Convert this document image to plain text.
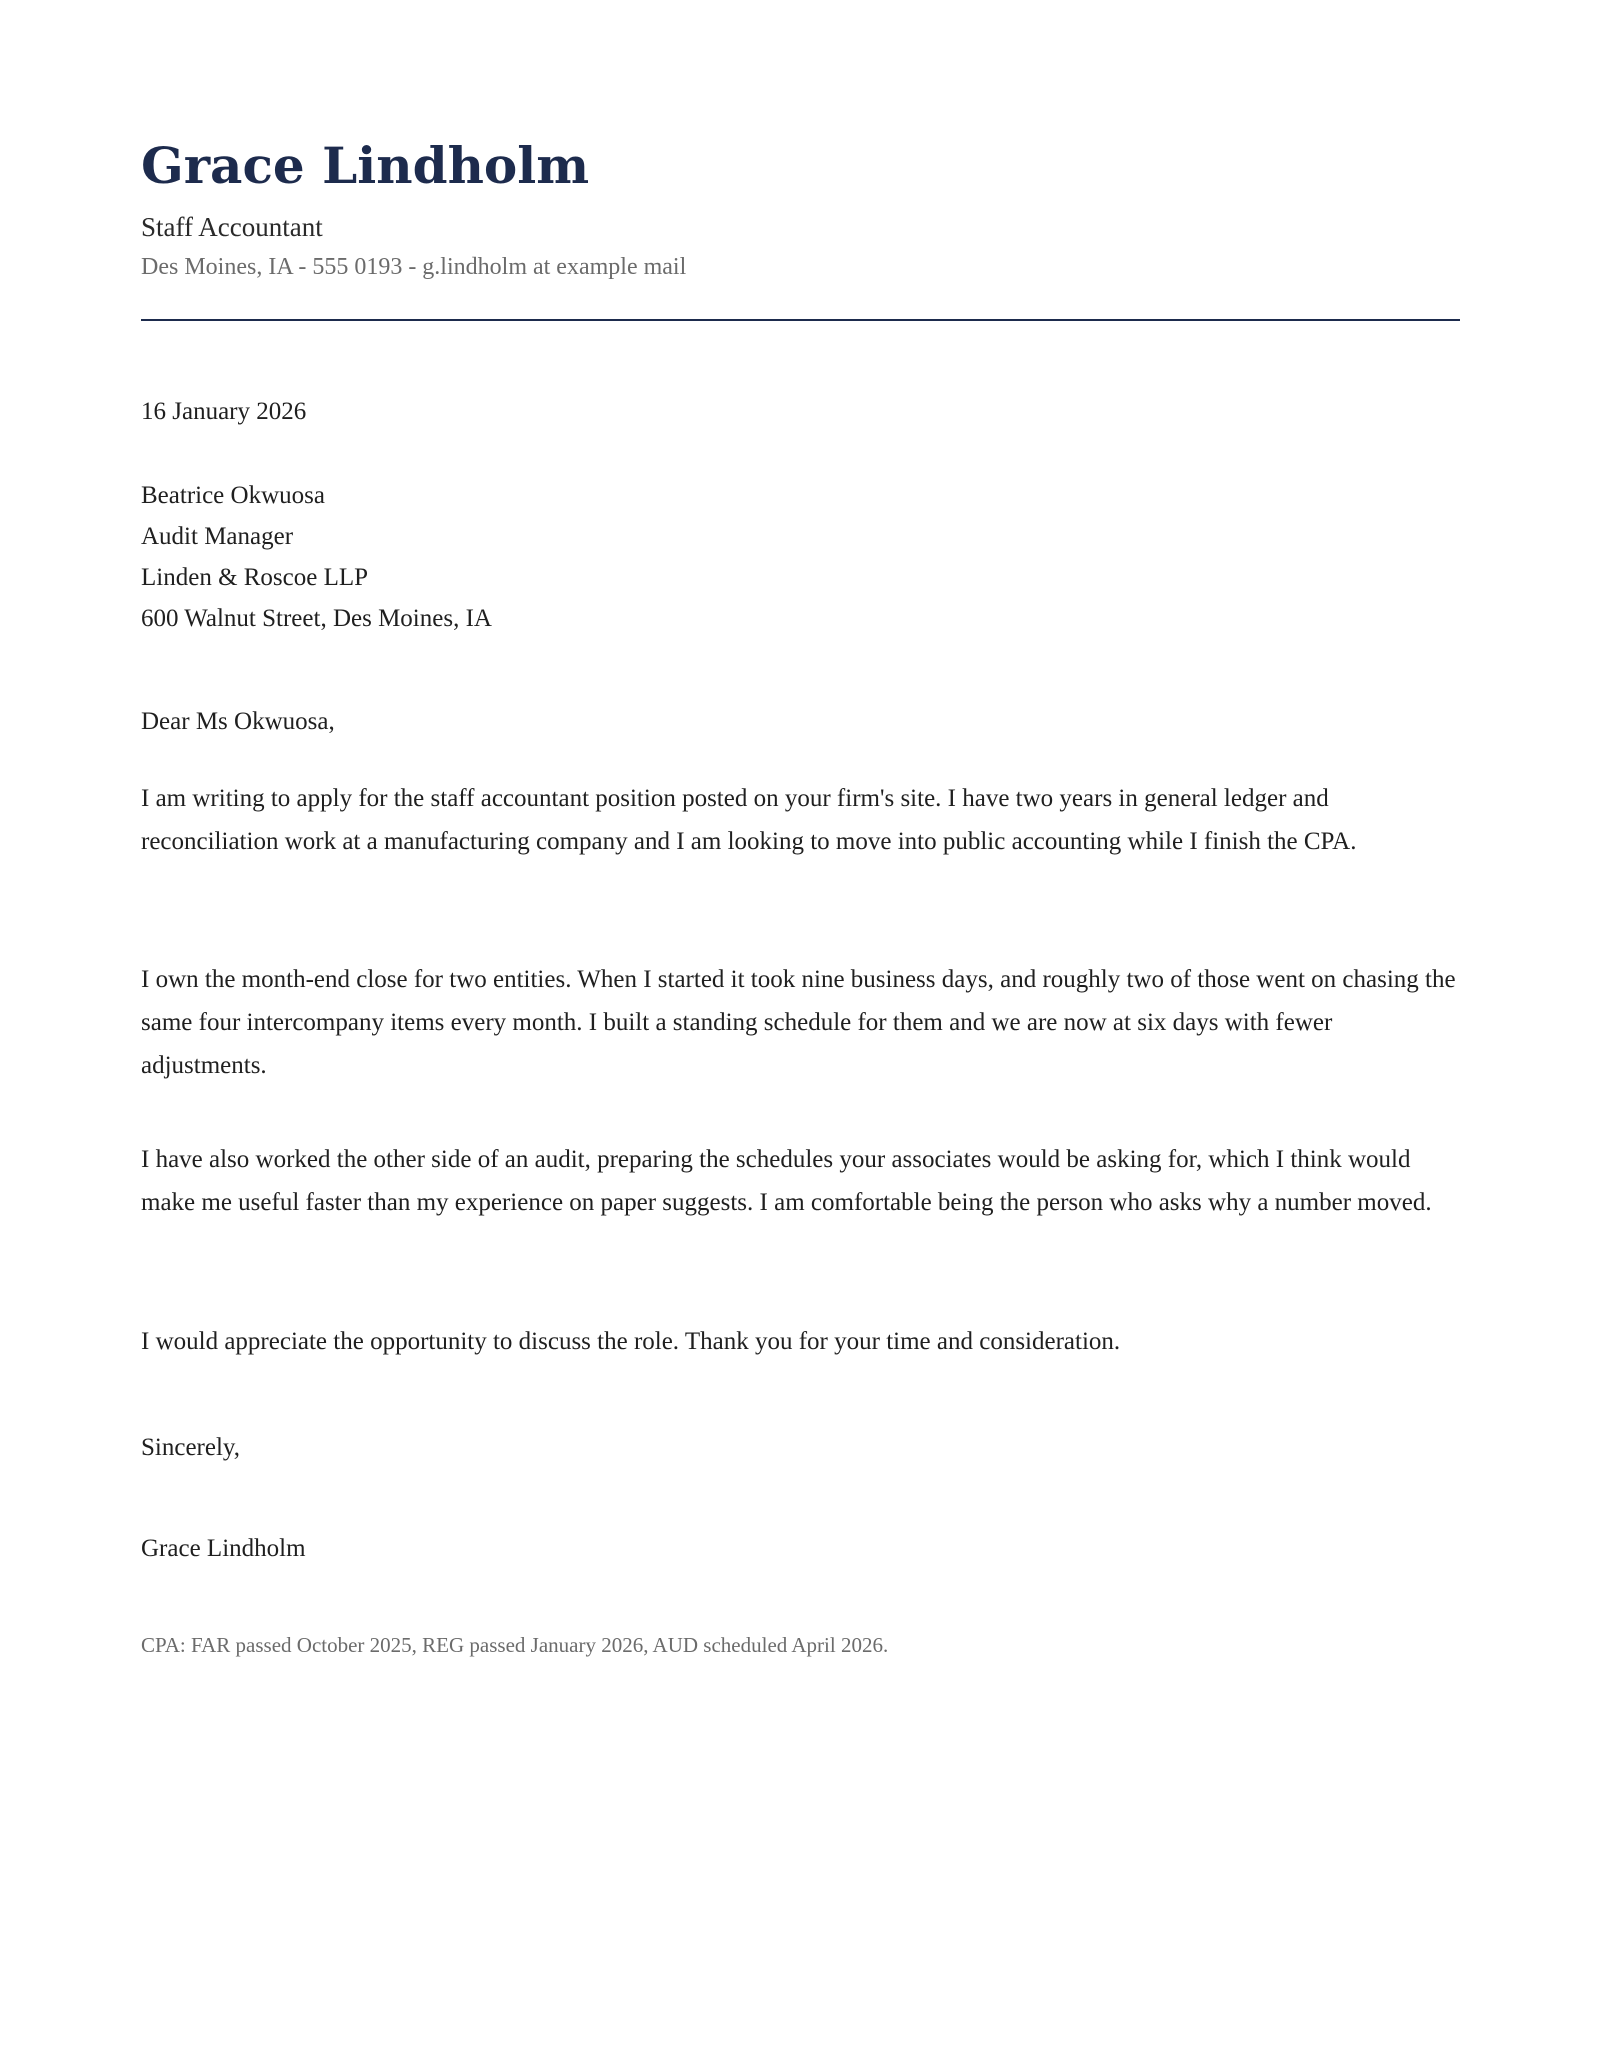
Grace Lindholm
Staff Accountant
Des Moines, IA - 555 0193 - g.lindholm at example mail
16 January 2026
Beatrice Okwuosa
Audit Manager
Linden & Roscoe LLP
600 Walnut Street, Des Moines, IA
Dear Ms Okwuosa,

I am writing to apply for the staff accountant position posted on your firm's site. I have two years in general ledger and reconciliation work at a manufacturing company and I am looking to move into public accounting while I finish the CPA.

I own the month-end close for two entities. When I started it took nine business days, and roughly two of those went on chasing the same four intercompany items every month. I built a standing schedule for them and we are now at six days with fewer adjustments.

I have also worked the other side of an audit, preparing the schedules your associates would be asking for, which I think would make me useful faster than my experience on paper suggests. I am comfortable being the person who asks why a number moved.

I would appreciate the opportunity to discuss the role. Thank you for your time and consideration.

Sincerely,
Grace Lindholm
CPA: FAR passed October 2025, REG passed January 2026, AUD scheduled April 2026.
